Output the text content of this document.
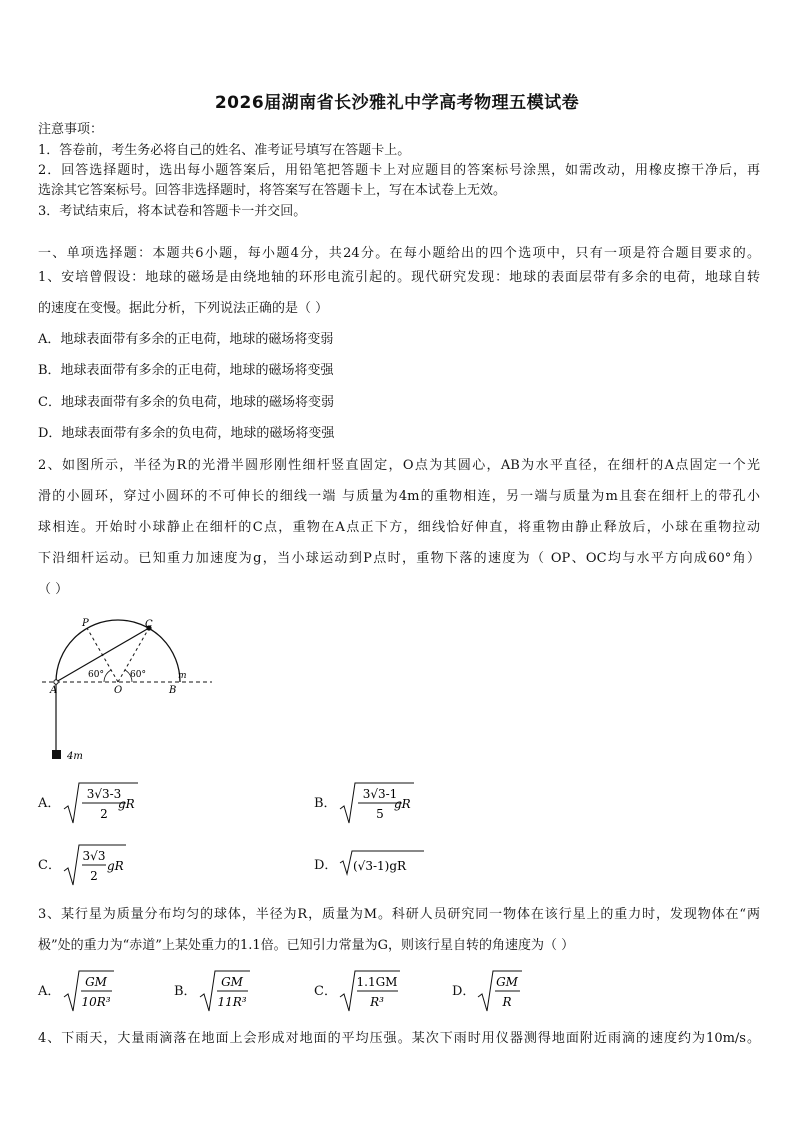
2026届湖南省长沙雅礼中学高考物理五模试卷
注意事项：
1．答卷前，考生务必将自己的姓名、准考证号填写在答题卡上。
2．回答选择题时，选出每小题答案后，用铅笔把答题卡上对应题目的答案标号涂黑，如需改动，用橡皮擦干净后，再
选涂其它答案标号。回答非选择题时，将答案写在答题卡上，写在本试卷上无效。
3．考试结束后，将本试卷和答题卡一并交回。
一、单项选择题：本题共6小题，每小题4分，共24分。在每小题给出的四个选项中，只有一项是符合题目要求的。
1、安培曾假设：地球的磁场是由绕地轴的环形电流引起的。现代研究发现：地球的表面层带有多余的电荷，地球自转
的速度在变慢。据此分析，下列说法正确的是（ ）
A．地球表面带有多余的正电荷，地球的磁场将变弱
B．地球表面带有多余的正电荷，地球的磁场将变强
C．地球表面带有多余的负电荷，地球的磁场将变弱
D．地球表面带有多余的负电荷，地球的磁场将变强
2、如图所示，半径为R的光滑半圆形刚性细杆竖直固定，O点为其圆心，AB为水平直径，在细杆的A点固定一个光
滑的小圆环，穿过小圆环的不可伸长的细线一端 与质量为4m的重物相连，另一端与质量为m且套在细杆上的带孔小
球相连。开始时小球静止在细杆的C点，重物在A点正下方，细线恰好伸直，将重物由静止释放后，小球在重物拉动
下沿细杆运动。已知重力加速度为g，当小球运动到P点时，重物下落的速度为（ OP、OC均与水平方向成60°角）
（ ）
P	C
A	O	B
m
60°	60°
4m
A．
3√3-3
2
gR	B．
3√3-1
5
gR
C．
3√3
2
gR	D． (√3-1)gR
3、某行星为质量分布均匀的球体，半径为R，质量为M。科研人员研究同一物体在该行星上的重力时，发现物体在“两
极”处的重力为“赤道”上某处重力的1.1倍。已知引力常量为G，则该行星自转的角速度为（ ）
A．
GM
10R³
B．
GM
11R³
C．
1.1GM
R³
D．
GM
R
4、下雨天，大量雨滴落在地面上会形成对地面的平均压强。某次下雨时用仪器测得地面附近雨滴的速度约为10m/s。
